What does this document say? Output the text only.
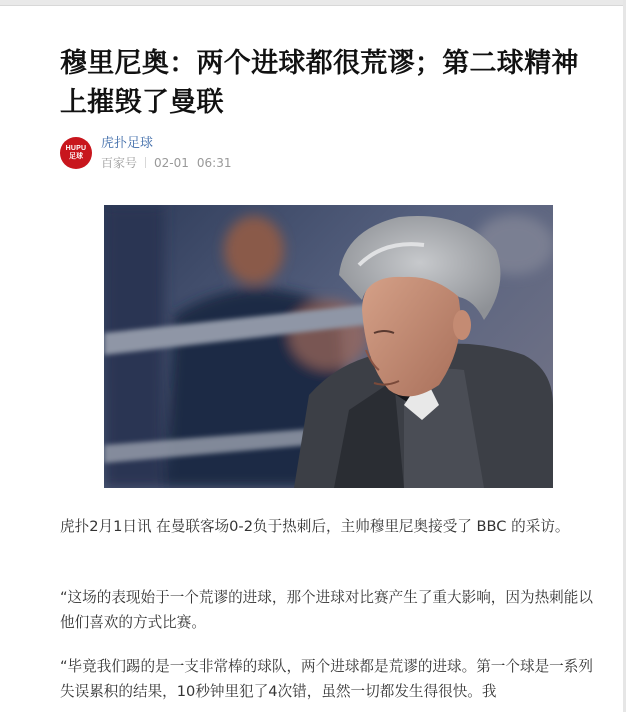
穆里尼奥：两个进球都很荒谬；第二球精神上摧毁了曼联
HUPU
足球
虎扑足球
百家号 02-01 06:31

虎扑2月1日讯 在曼联客场0-2负于热刺后，主帅穆里尼奥接受了 BBC 的采访。

“这场的表现始于一个荒谬的进球，那个进球对比赛产生了重大影响，因为热刺能以他们喜欢的方式比赛。

“毕竟我们踢的是一支非常棒的球队，两个进球都是荒谬的进球。第一个球是一系列失误累积的结果，10秒钟里犯了4次错，虽然一切都发生得很快。我
